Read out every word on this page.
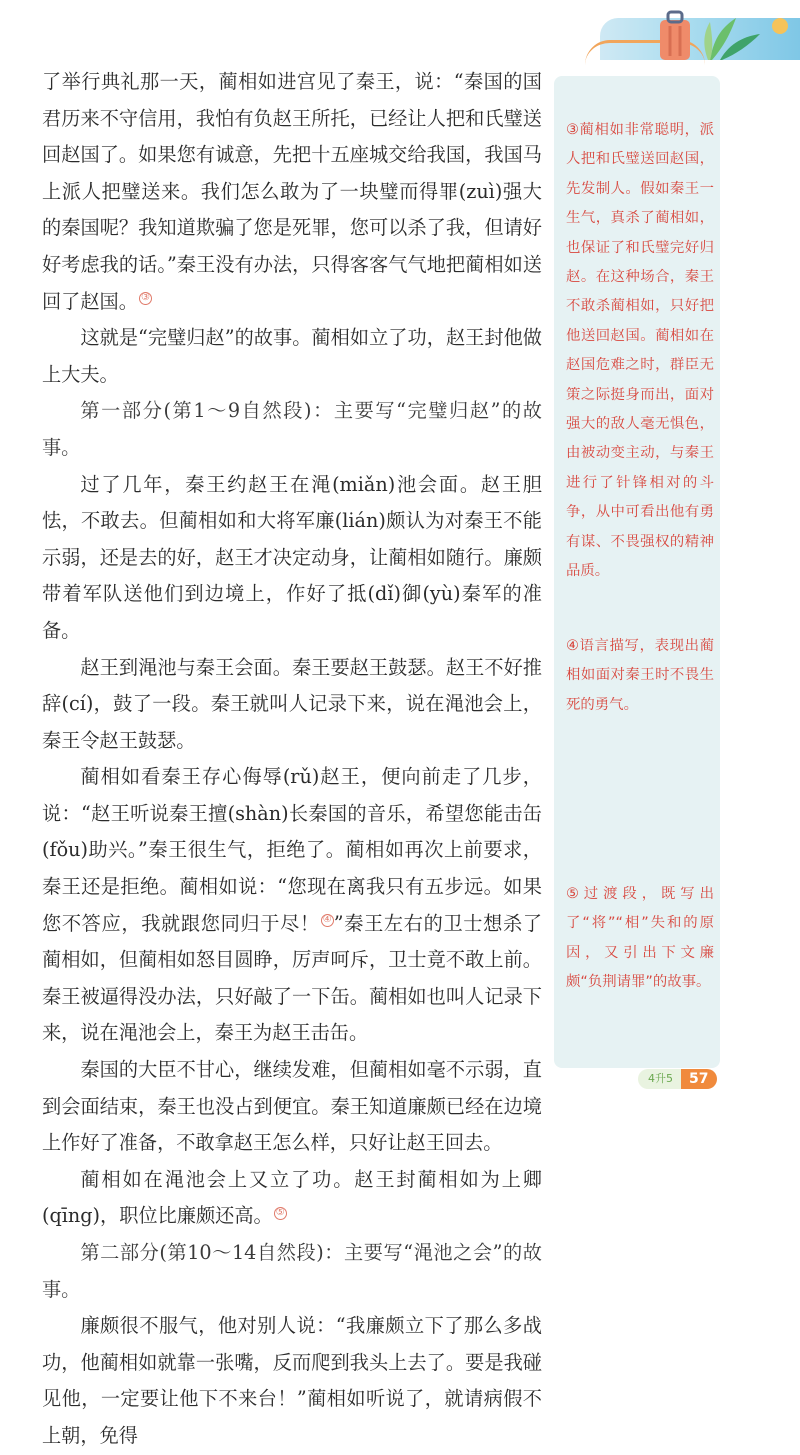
了举行典礼那一天，蔺相如进宫见了秦王，说：“秦国的国君历来不守信用，我怕有负赵王所托，已经让人把和氏璧送回赵国了。如果您有诚意，先把十五座城交给我国，我国马上派人把璧送来。我们怎么敢为了一块璧而得罪(zuì)强大的秦国呢？我知道欺骗了您是死罪，您可以杀了我，但请好好考虑我的话。”秦王没有办法，只得客客气气地把蔺相如送回了赵国。 ③

这就是“完璧归赵”的故事。蔺相如立了功，赵王封他做上大夫。

第一部分(第1～9自然段)：主要写“完璧归赵”的故事。

过了几年，秦王约赵王在渑(miǎn)池会面。赵王胆怯，不敢去。但蔺相如和大将军廉(lián)颇认为对秦王不能示弱，还是去的好，赵王才决定动身，让蔺相如随行。廉颇带着军队送他们到边境上，作好了抵(dǐ)御(yù)秦军的准备。

赵王到渑池与秦王会面。秦王要赵王鼓瑟。赵王不好推辞(cí)，鼓了一段。秦王就叫人记录下来，说在渑池会上，秦王令赵王鼓瑟。

蔺相如看秦王存心侮辱(rǔ)赵王，便向前走了几步，说：“赵王听说秦王擅(shàn)长秦国的音乐，希望您能击缶(fǒu)助兴。”秦王很生气，拒绝了。蔺相如再次上前要求，秦王还是拒绝。蔺相如说：“您现在离我只有五步远。如果您不答应，我就跟您同归于尽！ ④ ”秦王左右的卫士想杀了蔺相如，但蔺相如怒目圆睁，厉声呵斥，卫士竟不敢上前。秦王被逼得没办法，只好敲了一下缶。蔺相如也叫人记录下来，说在渑池会上，秦王为赵王击缶。

秦国的大臣不甘心，继续发难，但蔺相如毫不示弱，直到会面结束，秦王也没占到便宜。秦王知道廉颇已经在边境上作好了准备，不敢拿赵王怎么样，只好让赵王回去。

蔺相如在渑池会上又立了功。赵王封蔺相如为上卿(qīng)，职位比廉颇还高。 ⑤

第二部分(第10～14自然段)：主要写“渑池之会”的故事。

廉颇很不服气，他对别人说：“我廉颇立下了那么多战功，他蔺相如就靠一张嘴，反而爬到我头上去了。要是我碰见他，一定要让他下不来台！”蔺相如听说了，就请病假不上朝，免得

③蔺相如非常聪明，派人把和氏璧送回赵国，先发制人。假如秦王一生气，真杀了蔺相如，也保证了和氏璧完好归赵。在这种场合，秦王不敢杀蔺相如，只好把他送回赵国。蔺相如在赵国危难之时，群臣无策之际挺身而出，面对强大的敌人毫无惧色，由被动变主动，与秦王进行了针锋相对的斗争，从中可看出他有勇有谋、不畏强权的精神品质。
④语言描写，表现出蔺相如面对秦王时不畏生死的勇气。
⑤过渡段，既写出了“将”“相”失和的原因，又引出下文廉颇“负荆请罪”的故事。
4升5	57
